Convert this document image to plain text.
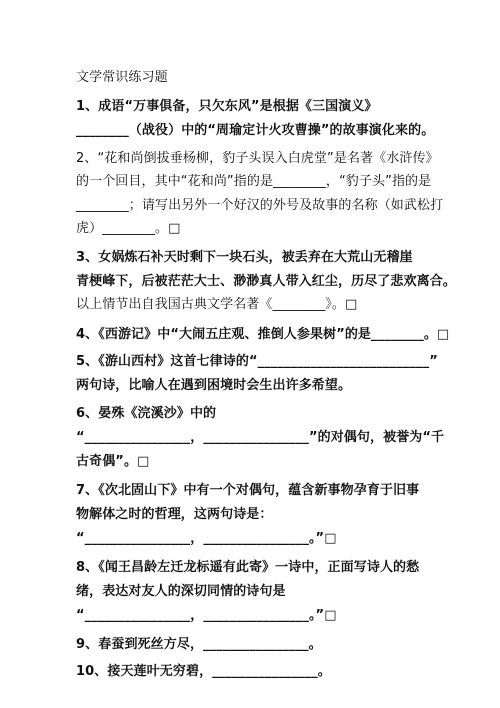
文学常识练习题
1、成语“万事俱备，只欠东风”是根据《三国演义》
________（战役）中的“周瑜定计火攻曹操”的故事演化来的。
2、“花和尚倒拔垂杨柳，豹子头误入白虎堂”是名著《水浒传》
的一个回目，其中“花和尚”指的是________，“豹子头”指的是
________；请写出另外一个好汉的外号及故事的名称（如武松打
虎）________。□
3、女娲炼石补天时剩下一块石头，被丢弃在大荒山无稽崖
青梗峰下，后被茫茫大士、渺渺真人带入红尘，历尽了悲欢离合。
以上情节出自我国古典文学名著《________》。□
4、《西游记》中“大闹五庄观、推倒人参果树”的是________。□
5、《游山西村》这首七律诗的“__________________________”
两句诗，比喻人在遇到困境时会生出许多希望。
6、晏殊《浣溪沙》中的
“________________，________________”的对偶句，被誉为“千
古奇偶”。□
7、《次北固山下》中有一个对偶句，蕴含新事物孕育于旧事
物解体之时的哲理，这两句诗是：
“________________，________________。”□
8、《闻王昌龄左迁龙标遥有此寄》一诗中，正面写诗人的愁
绪，表达对友人的深切同情的诗句是
“________________，________________。”□
9、春蚕到死丝方尽，________________。
10、接天莲叶无穷碧，________________。
